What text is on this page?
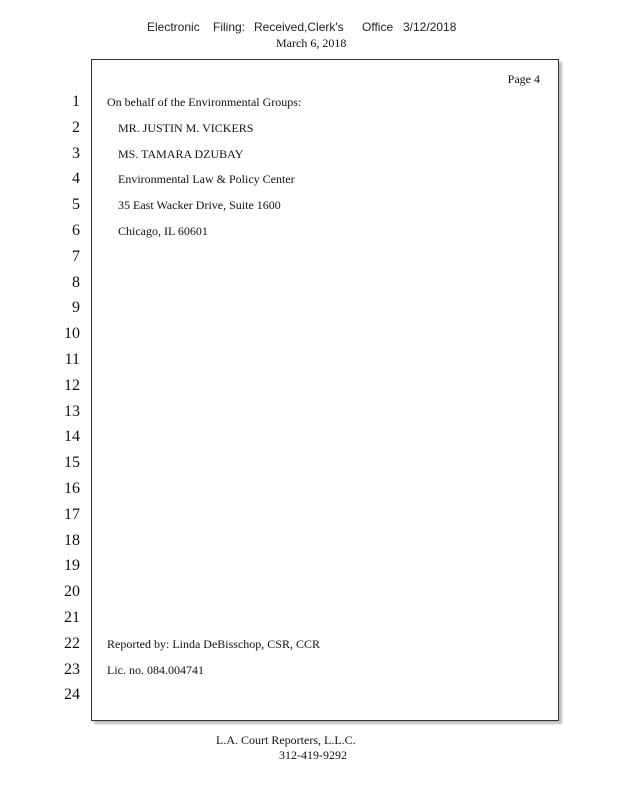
Electronic Filing: Received,Clerk's Office 3/12/2018
March 6, 2018
Page 4
1 On behalf of the Environmental Groups:
2	MR. JUSTIN M. VICKERS
3	MS. TAMARA DZUBAY
4	Environmental Law & Policy Center
5	35 East Wacker Drive, Suite 1600
6	Chicago, IL 60601
7
8
9
10
11
12
13
14
15
16
17
18
19
20
21
22 Reported by: Linda DeBisschop, CSR, CCR
23 Lic. no. 084.004741
24
L.A. Court Reporters, L.L.C.
312-419-9292
